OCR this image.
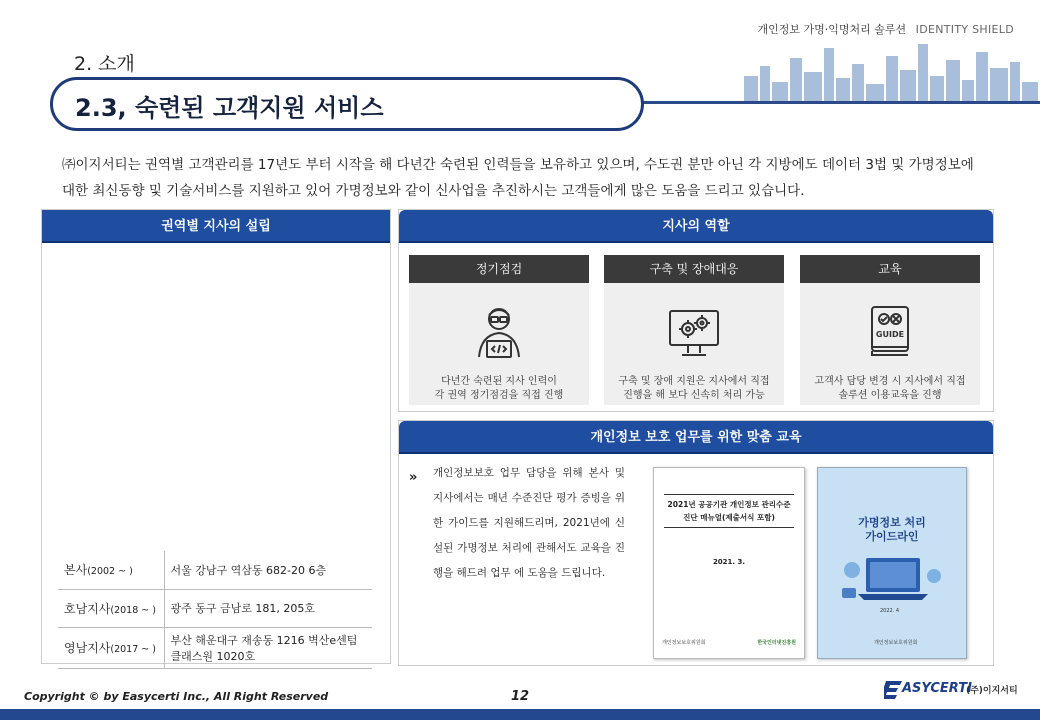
개인정보 가명·익명처리 솔루션 IDENTITY SHIELD
2. 소개
2.3, 숙련된 고객지원 서비스
㈜이지서티는 권역별 고객관리를 17년도 부터 시작을 해 다년간 숙련된 인력들을 보유하고 있으며, 수도권 분만 아닌 각 지방에도 데이터 3법 및 가명정보에
대한 최신동향 및 기술서비스를 지원하고 있어 가명정보와 같이 신사업을 추진하시는 고객들에게 많은 도움을 드리고 있습니다.
권역별 지사의 설립
본사(2002 ~ )	서울 강남구 역삼동 682-20 6층
호남지사(2018 ~ )	광주 동구 금남로 181, 205호
영남지사(2017 ~ )	부산 해운대구 재송동 1216 벽산e센텀 클래스원 1020호
지사의 역할
정기점검
다년간 숙련된 지사 인력이
각 권역 정기점검을 직접 진행
구축 및 장애대응
구축 및 장애 지원은 지사에서 직접
진행을 해 보다 신속히 처리 가능
교육
GUIDE
고객사 담당 변경 시 지사에서 직접
솔루션 이용교육을 진행
개인정보 보호 업무를 위한 맞춤 교육
» 개인정보보호 업무 담당을 위해 본사 및 지사에서는 매년 수준진단 평가 증빙을 위한 가이드를 지원해드리며, 2021년에 신설된 가명정보 처리에 관해서도 교육을 진행을 해드려 업무 에 도움을 드립니다.
2021년 공공기관 개인정보 관리수준
진단 매뉴얼(제출서식 포함)
2021. 3.
개인정보보호위원회	한국인터넷진흥원
가명정보 처리
가이드라인
2022. 4
개인정보보호위원회
Copyright © by Easycerti Inc., All Right Reserved	12
ASYCERTI
(주)이지서티
